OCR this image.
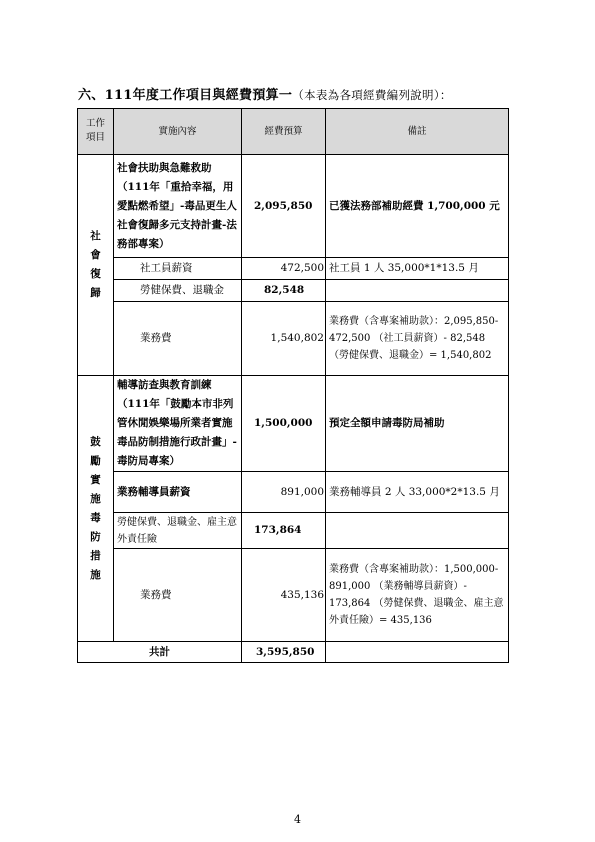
六、111年度工作項目與經費預算一（本表為各項經費編列說明）：
工作項目	實施內容	經費預算	備註
社會復歸	社會扶助與急難救助（111年「重拾幸福，用愛點燃希望」-毒品更生人社會復歸多元支持計畫-法務部專案）	2,095,850	已獲法務部補助經費 1,700,000 元
	社工員薪資	472,500	社工員 1 人 35,000*1*13.5 月
	勞健保費、退職金	82,548	
	業務費	1,540,802	業務費（含專案補助款）：2,095,850-472,500 （社工員薪資）- 82,548 （勞健保費、退職金）= 1,540,802
鼓勵實施毒防措施	輔導訪查與教育訓練（111年「鼓勵本市非列管休閒娛樂場所業者實施毒品防制措施行政計畫」-毒防局專案）	1,500,000	預定全額申請毒防局補助
	業務輔導員薪資	891,000	業務輔導員 2 人 33,000*2*13.5 月
	勞健保費、退職金、雇主意外責任險	173,864	
	業務費	435,136	業務費（含專案補助款）：1,500,000-891,000 （業務輔導員薪資）- 173,864 （勞健保費、退職金、雇主意外責任險）= 435,136
共計		3,595,850	
4
